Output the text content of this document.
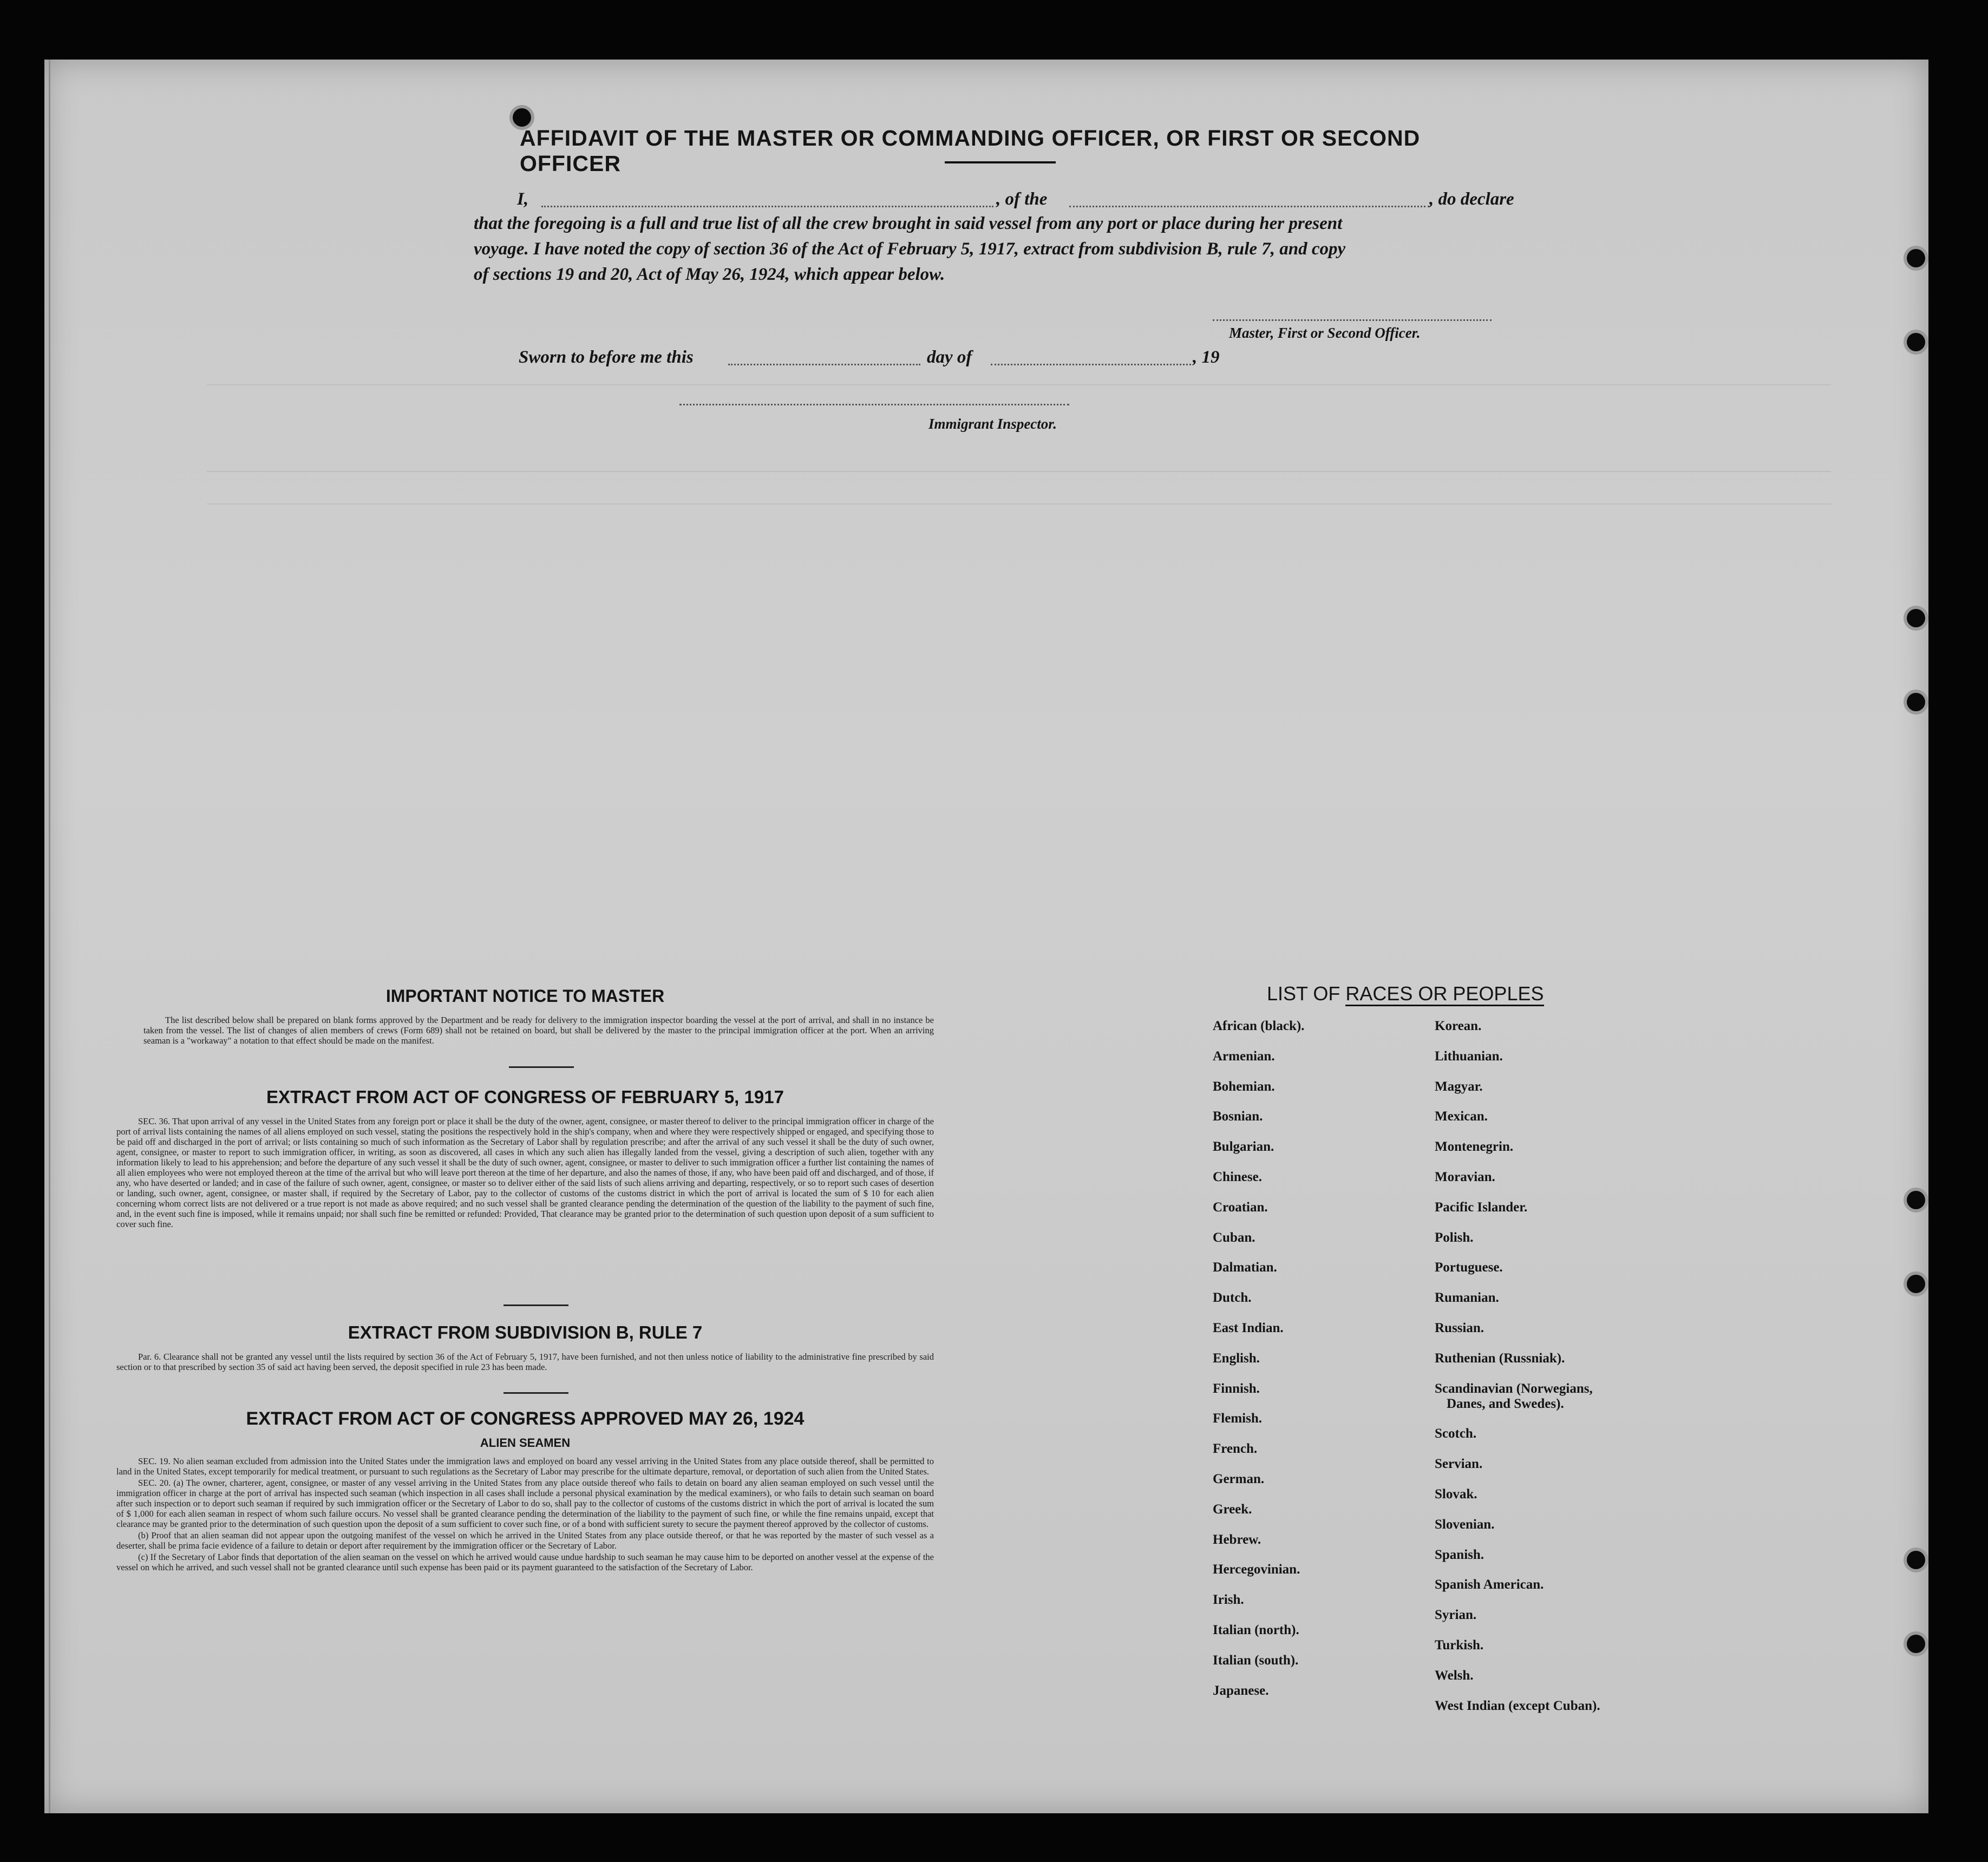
AFFIDAVIT OF THE MASTER OR COMMANDING OFFICER, OR FIRST OR SECOND OFFICER
I,	, of the	, do declare
that the foregoing is a full and true list of all the crew brought in said vessel from any port or place during her present
voyage. I have noted the copy of section 36 of the Act of February 5, 1917, extract from subdivision B, rule 7, and copy
of sections 19 and 20, Act of May 26, 1924, which appear below.
Master, First or Second Officer.
Sworn to before me this	day of	, 19
Immigrant Inspector.
IMPORTANT NOTICE TO MASTER

The list described below shall be prepared on blank forms approved by the Department and be ready for delivery to the immigration inspector boarding the vessel at the port of arrival, and shall in no instance be taken from the vessel. The list of changes of alien members of crews (Form 689) shall not be retained on board, but shall be delivered by the master to the principal immigration officer at the port. When an arriving seaman is a "workaway" a notation to that effect should be made on the manifest.

EXTRACT FROM ACT OF CONGRESS OF FEBRUARY 5, 1917

SEC. 36. That upon arrival of any vessel in the United States from any foreign port or place it shall be the duty of the owner, agent, consignee, or master thereof to deliver to the principal immigration officer in charge of the port of arrival lists containing the names of all aliens employed on such vessel, stating the positions the respectively hold in the ship's company, when and where they were respectively shipped or engaged, and specifying those to be paid off and discharged in the port of arrival; or lists containing so much of such information as the Secretary of Labor shall by regulation prescribe; and after the arrival of any such vessel it shall be the duty of such owner, agent, consignee, or master to report to such immigration officer, in writing, as soon as discovered, all cases in which any such alien has illegally landed from the vessel, giving a description of such alien, together with any information likely to lead to his apprehension; and before the departure of any such vessel it shall be the duty of such owner, agent, consignee, or master to deliver to such immigration officer a further list containing the names of all alien employees who were not employed thereon at the time of the arrival but who will leave port thereon at the time of her departure, and also the names of those, if any, who have been paid off and discharged, and of those, if any, who have deserted or landed; and in case of the failure of such owner, agent, consignee, or master so to deliver either of the said lists of such aliens arriving and departing, respectively, or so to report such cases of desertion or landing, such owner, agent, consignee, or master shall, if required by the Secretary of Labor, pay to the collector of customs of the customs district in which the port of arrival is located the sum of $ 10 for each alien concerning whom correct lists are not delivered or a true report is not made as above required; and no such vessel shall be granted clearance pending the determination of the question of the liability to the payment of such fine, and, in the event such fine is imposed, while it remains unpaid; nor shall such fine be remitted or refunded: Provided, That clearance may be granted prior to the determination of such question upon deposit of a sum sufficient to cover such fine.

EXTRACT FROM SUBDIVISION B, RULE 7

Par. 6. Clearance shall not be granted any vessel until the lists required by section 36 of the Act of February 5, 1917, have been furnished, and not then unless notice of liability to the administrative fine prescribed by said section or to that prescribed by section 35 of said act having been served, the deposit specified in rule 23 has been made.

EXTRACT FROM ACT OF CONGRESS APPROVED MAY 26, 1924
ALIEN SEAMEN

SEC. 19. No alien seaman excluded from admission into the United States under the immigration laws and employed on board any vessel arriving in the United States from any place outside thereof, shall be permitted to land in the United States, except temporarily for medical treatment, or pursuant to such regulations as the Secretary of Labor may prescribe for the ultimate departure, removal, or deportation of such alien from the United States.

SEC. 20. (a) The owner, charterer, agent, consignee, or master of any vessel arriving in the United States from any place outside thereof who fails to detain on board any alien seaman employed on such vessel until the immigration officer in charge at the port of arrival has inspected such seaman (which inspection in all cases shall include a personal physical examination by the medical examiners), or who fails to detain such seaman on board after such inspection or to deport such seaman if required by such immigration officer or the Secretary of Labor to do so, shall pay to the collector of customs of the customs district in which the port of arrival is located the sum of $ 1,000 for each alien seaman in respect of whom such failure occurs. No vessel shall be granted clearance pending the determination of the liability to the payment of such fine, or while the fine remains unpaid, except that clearance may be granted prior to the determination of such question upon the deposit of a sum sufficient to cover such fine, or of a bond with sufficient surety to secure the payment thereof approved by the collector of customs.

(b) Proof that an alien seaman did not appear upon the outgoing manifest of the vessel on which he arrived in the United States from any place outside thereof, or that he was reported by the master of such vessel as a deserter, shall be prima facie evidence of a failure to detain or deport after requirement by the immigration officer or the Secretary of Labor.

(c) If the Secretary of Labor finds that deportation of the alien seaman on the vessel on which he arrived would cause undue hardship to such seaman he may cause him to be deported on another vessel at the expense of the vessel on which he arrived, and such vessel shall not be granted clearance until such expense has been paid or its payment guaranteed to the satisfaction of the Secretary of Labor.

LIST OF RACES OR PEOPLES
African (black).
Armenian.
Bohemian.
Bosnian.
Bulgarian.
Chinese.
Croatian.
Cuban.
Dalmatian.
Dutch.
East Indian.
English.
Finnish.
Flemish.
French.
German.
Greek.
Hebrew.
Hercegovinian.
Irish.
Italian (north).
Italian (south).
Japanese.
Korean.
Lithuanian.
Magyar.
Mexican.
Montenegrin.
Moravian.
Pacific Islander.
Polish.
Portuguese.
Rumanian.
Russian.
Ruthenian (Russniak).
Scandinavian (Norwegians,
Danes, and Swedes).
Scotch.
Servian.
Slovak.
Slovenian.
Spanish.
Spanish American.
Syrian.
Turkish.
Welsh.
West Indian (except Cuban).
